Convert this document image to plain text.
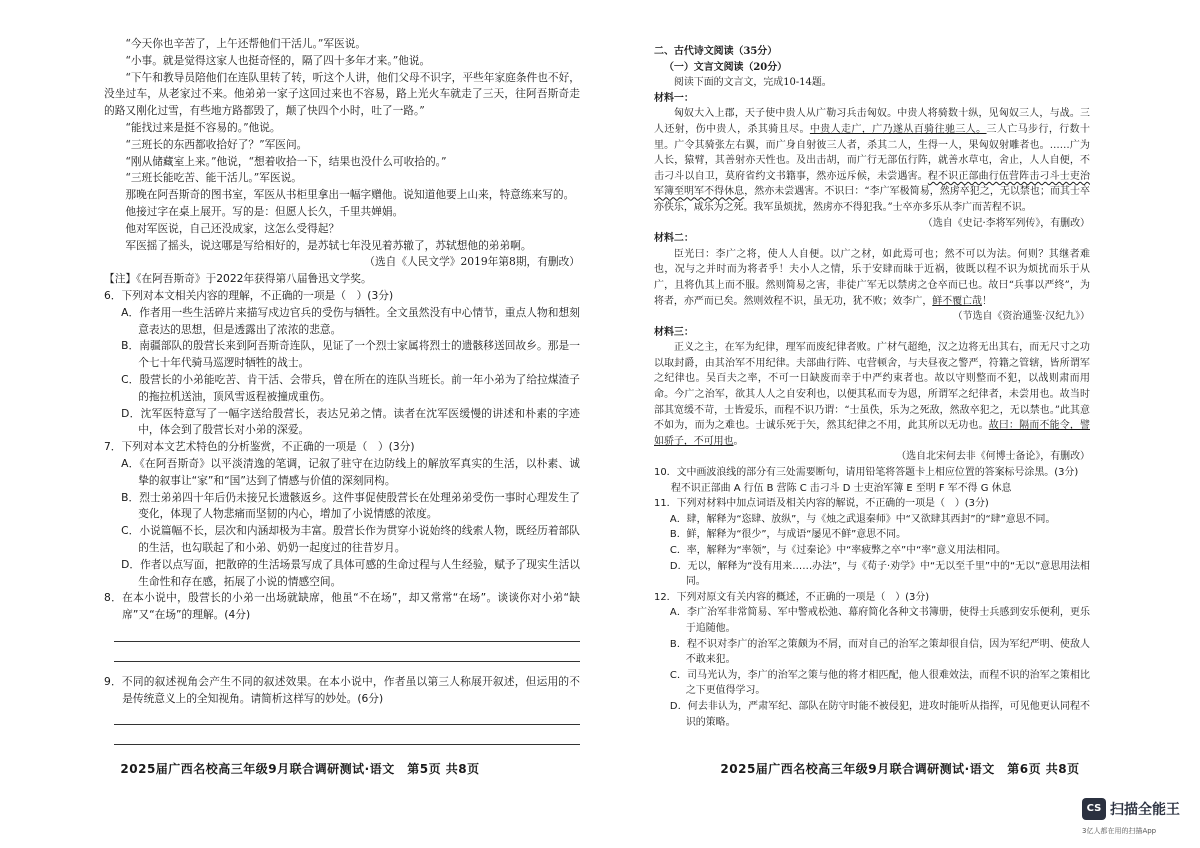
“今天你也辛苦了，上午还帮他们干活儿。”军医说。

“小事。就是觉得这家人也挺奇怪的，隔了四十多年才来。”他说。

“下午和教导员陪他们在连队里转了转，听这个人讲，他们父母不识字，平些年家庭条件也不好，没坐过车，从老家过不来。他弟弟一家子这回过来也不容易，路上光火车就走了三天，往阿吾斯奇走的路又刚化过雪，有些地方路都毁了，颠了快四个小时，吐了一路。”

“能找过来是挺不容易的。”他说。

“三班长的东西都收拾好了？”军医问。

“刚从储藏室上来。”他说，“想着收拾一下，结果也没什么可收拾的。”

“三班长能吃苦、能干活儿。”军医说。

那晚在阿吾斯奇的图书室，军医从书柜里拿出一幅字赠他。说知道他要上山来，特意练来写的。

他接过字在桌上展开。写的是：但愿人长久，千里共婵娟。

他对军医说，自己还没成家，这怎么受得起？

军医摇了摇头，说这哪是写给相好的，是苏轼七年没见着苏辙了，苏轼想他的弟弟啊。

（选自《人民文学》2019年第8期，有删改）

【注】《在阿吾斯奇》于2022年获得第八届鲁迅文学奖。

6．下列对本文相关内容的理解，不正确的一项是（　）(3分)

A．作者用一些生活碎片来描写戍边官兵的受伤与牺牲。全文虽然没有中心情节，重点人物和想刻意表达的思想，但是透露出了浓浓的悲意。

B．南疆部队的殷营长来到阿吾斯奇连队，见证了一个烈士家属将烈士的遗骸移送回故乡。那是一个七十年代骑马巡逻时牺牲的战士。

C．殷营长的小弟能吃苦、肯干活、会带兵，曾在所在的连队当班长。前一年小弟为了给拉煤渣子的拖拉机送油，顶风雪返程被撞成重伤。

D．沈军医特意写了一幅字送给殷营长，表达兄弟之情。读者在沈军医缓慢的讲述和朴素的字迹中，体会到了殷营长对小弟的深爱。

7．下列对本文艺术特色的分析鉴赏，不正确的一项是（　）(3分)

A．《在阿吾斯奇》以平淡清逸的笔调，记叙了驻守在边防线上的解放军真实的生活，以朴素、诚挚的叙事让“家”和“国”达到了情感与价值的深刻同构。

B．烈士弟弟四十年后仍未接兄长遗骸返乡。这件事促使殷营长在处理弟弟受伤一事时心理发生了变化，体现了人物悲痛而坚韧的内心，增加了小说情感的浓度。

C．小说篇幅不长，层次和内涵却极为丰富。殷营长作为贯穿小说始终的线索人物，既经历着部队的生活，也勾联起了和小弟、奶奶一起度过的往昔岁月。

D．作者以点写面，把散碎的生活场景写成了具体可感的生命过程与人生经验，赋予了现实生活以生命性和存在感，拓展了小说的情感空间。

8．在本小说中，殷营长的小弟一出场就缺席，他虽“不在场”，却又常常“在场”。谈谈你对小弟“缺席”又“在场”的理解。(4分)

9．不同的叙述视角会产生不同的叙述效果。在本小说中，作者虽以第三人称展开叙述，但运用的不是传统意义上的全知视角。请简析这样写的妙处。(6分)

2025届广西名校高三年级9月联合调研测试·语文　第5页 共8页

二、古代诗文阅读（35分）

（一）文言文阅读（20分）

阅读下面的文言文，完成10-14题。

材料一：

匈奴大入上郡，天子使中贵人从广勒习兵击匈奴。中贵人将骑数十纵，见匈奴三人，与战。三人还射，伤中贵人，杀其骑且尽。中贵人走广，广乃遂从百骑往驰三人。三人亡马步行，行数十里。广令其骑张左右翼，而广身自射彼三人者，杀其二人，生得一人，果匈奴射雕者也。……广为人长，猿臂，其善射亦天性也。及出击胡，而广行无部伍行阵，就善水草屯，舍止，人人自便，不击刁斗以自卫，莫府省约文书籍事，然亦远斥候，未尝遇害。程不识正部曲行伍营阵击刁斗士吏治军簿至明军不得休息，然亦未尝遇害。不识曰：“李广军极简易，然虏卒犯之，无以禁也；而其士卒亦佚乐，咸乐为之死。我军虽烦扰，然虏亦不得犯我。”士卒亦多乐从李广而苦程不识。

（选自《史记·李将军列传》，有删改）

材料二：

臣光曰：李广之将，使人人自便。以广之材，如此焉可也；然不可以为法。何则？其继者难也，况与之并时而为将者乎！夫小人之情，乐于安肆而昧于近祸，彼既以程不识为烦扰而乐于从广，且将仇其上而不服。然则简易之害，非徒广军无以禁虏之仓卒而已也。故曰“兵事以严终”，为将者，亦严而已矣。然则效程不识，虽无功，犹不败；效李广，鲜不覆亡哉！

（节选自《资治通鉴·汉纪九》）

材料三：

正义之主，在军为纪律，理军而废纪律者败。广材气超绝，汉之边将无出其右，而无尺寸之功以取封爵，由其治军不用纪律。夫部曲行阵、屯营顿舍，与夫昼夜之警严，符籍之管辖，皆所谓军之纪律也。吴百夫之率，不可一日缺废而幸于中严约束者也。故以守则整而不犯，以战则肃而用命。今广之治军，欲其人人之自安利也，以便其私而专为恩，所谓军之纪律者，未尝用也。故当时部其宽缓不苛，士皆爱乐，而程不识乃谓：“士虽佚，乐为之死敌，然敌卒犯之，无以禁也。”此其意不如为，而为之难也。士诚乐死于矢，然其纪律之不用，此其所以无功也。故曰：隔而不能令，譬如骄子，不可用也。

（选自北宋何去非《何博士备论》，有删改）

10．文中画波浪线的部分有三处需要断句，请用铅笔将答题卡上相应位置的答案标号涂黑。(3分)

程不识正部曲 A 行伍 B 营陈 C 击刁斗 D 士吏治军簿 E 至明 F 军不得 G 休息

11．下列对材料中加点词语及相关内容的解说，不正确的一项是（　）(3分)

A．肆，解释为“恣肆、放纵”，与《烛之武退秦师》中“又欲肆其西封”的“肆”意思不同。

B．鲜，解释为“很少”，与成语“屡见不鲜”意思不同。

C．率，解释为“率领”，与《过秦论》中“率疲弊之卒”中“率”意义用法相同。

D．无以，解释为“没有用来……办法”，与《荀子·劝学》中“无以至千里”中的“无以”意思用法相同。

12．下列对原文有关内容的概述，不正确的一项是（　）(3分)

A．李广治军非常简易、军中警戒松弛、幕府简化各种文书簿册，使得士兵感到安乐便利，更乐于追随他。

B．程不识对李广的治军之策颇为不屑，而对自己的治军之策却很自信，因为军纪严明、使敌人不敢来犯。

C．司马光认为，李广的治军之策与他的将才相匹配，他人很难效法，而程不识的治军之策相比之下更值得学习。

D．何去非认为，严肃军纪、部队在防守时能不被侵犯，进攻时能听从指挥，可见他更认同程不识的策略。

2025届广西名校高三年级9月联合调研测试·语文　第6页 共8页
CS 扫描全能王
3亿人都在用的扫描App
